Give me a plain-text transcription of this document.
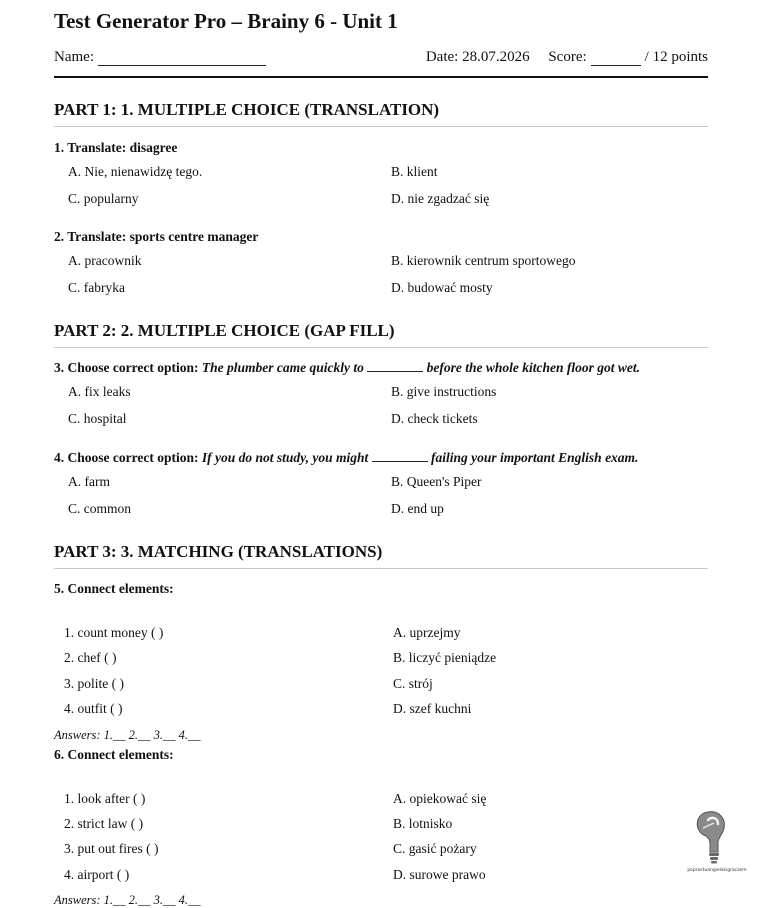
Test Generator Pro – Brainy 6 - Unit 1
Name:	Date: 28.07.2026 Score:	/ 12 points
PART 1: 1. MULTIPLE CHOICE (TRANSLATION)
1. Translate: disagree
A. Nie, nienawidzę tego.	B. klient
C. popularny	D. nie zgadzać się
2. Translate: sports centre manager
A. pracownik	B. kierownik centrum sportowego
C. fabryka	D. budować mosty
PART 2: 2. MULTIPLE CHOICE (GAP FILL)
3. Choose correct option: The plumber came quickly to	before the whole kitchen floor got wet.
A. fix leaks	B. give instructions
C. hospital	D. check tickets
4. Choose correct option: If you do not study, you might	failing your important English exam.
A. farm	B. Queen's Piper
C. common	D. end up
PART 3: 3. MATCHING (TRANSLATIONS)
5. Connect elements:
1. count money ( )	A. uprzejmy
2. chef ( )	B. liczyć pieniądze
3. polite ( )	C. strój
4. outfit ( )	D. szef kuchni
Answers: 1.__ 2.__ 3.__ 4.__
6. Connect elements:
1. look after ( )	A. opiekować się
2. strict law ( )	B. lotnisko
3. put out fires ( )	C. gasić pożary
4. airport ( )	D. surowe prawo
Answers: 1.__ 2.__ 3.__ 4.__
poprostuangielskigraczem
